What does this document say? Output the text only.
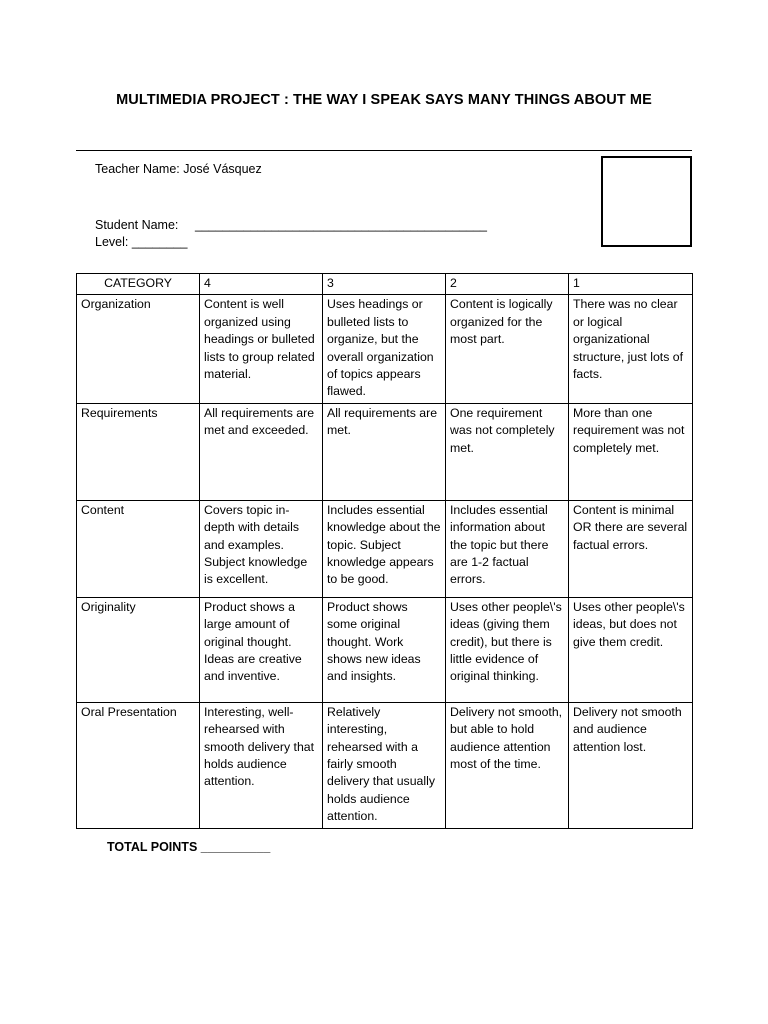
MULTIMEDIA PROJECT : THE WAY I SPEAK SAYS MANY THINGS ABOUT ME
Teacher Name: José Vásquez
Student Name: __________________________________________
Level: ________
CATEGORY	4	3	2	1
Organization	Content is well organized using headings or bulleted lists to group related material.	Uses headings or bulleted lists to organize, but the overall organization of topics appears flawed.	Content is logically organized for the most part.	There was no clear or logical organizational structure, just lots of facts.
Requirements	All requirements are met and exceeded.	All requirements are met.	One requirement was not completely met.	More than one requirement was not completely met.
Content	Covers topic in-depth with details and examples. Subject knowledge is excellent.	Includes essential knowledge about the topic. Subject knowledge appears to be good.	Includes essential information about the topic but there are 1-2 factual errors.	Content is minimal OR there are several factual errors.
Originality	Product shows a large amount of original thought. Ideas are creative and inventive.	Product shows some original thought. Work shows new ideas and insights.	Uses other people\'s ideas (giving them credit), but there is little evidence of original thinking.	Uses other people\'s ideas, but does not give them credit.
Oral Presentation	Interesting, well-rehearsed with smooth delivery that holds audience attention.	Relatively interesting, rehearsed with a fairly smooth delivery that usually holds audience attention.	Delivery not smooth, but able to hold audience attention most of the time.	Delivery not smooth and audience attention lost.
TOTAL POINTS __________
